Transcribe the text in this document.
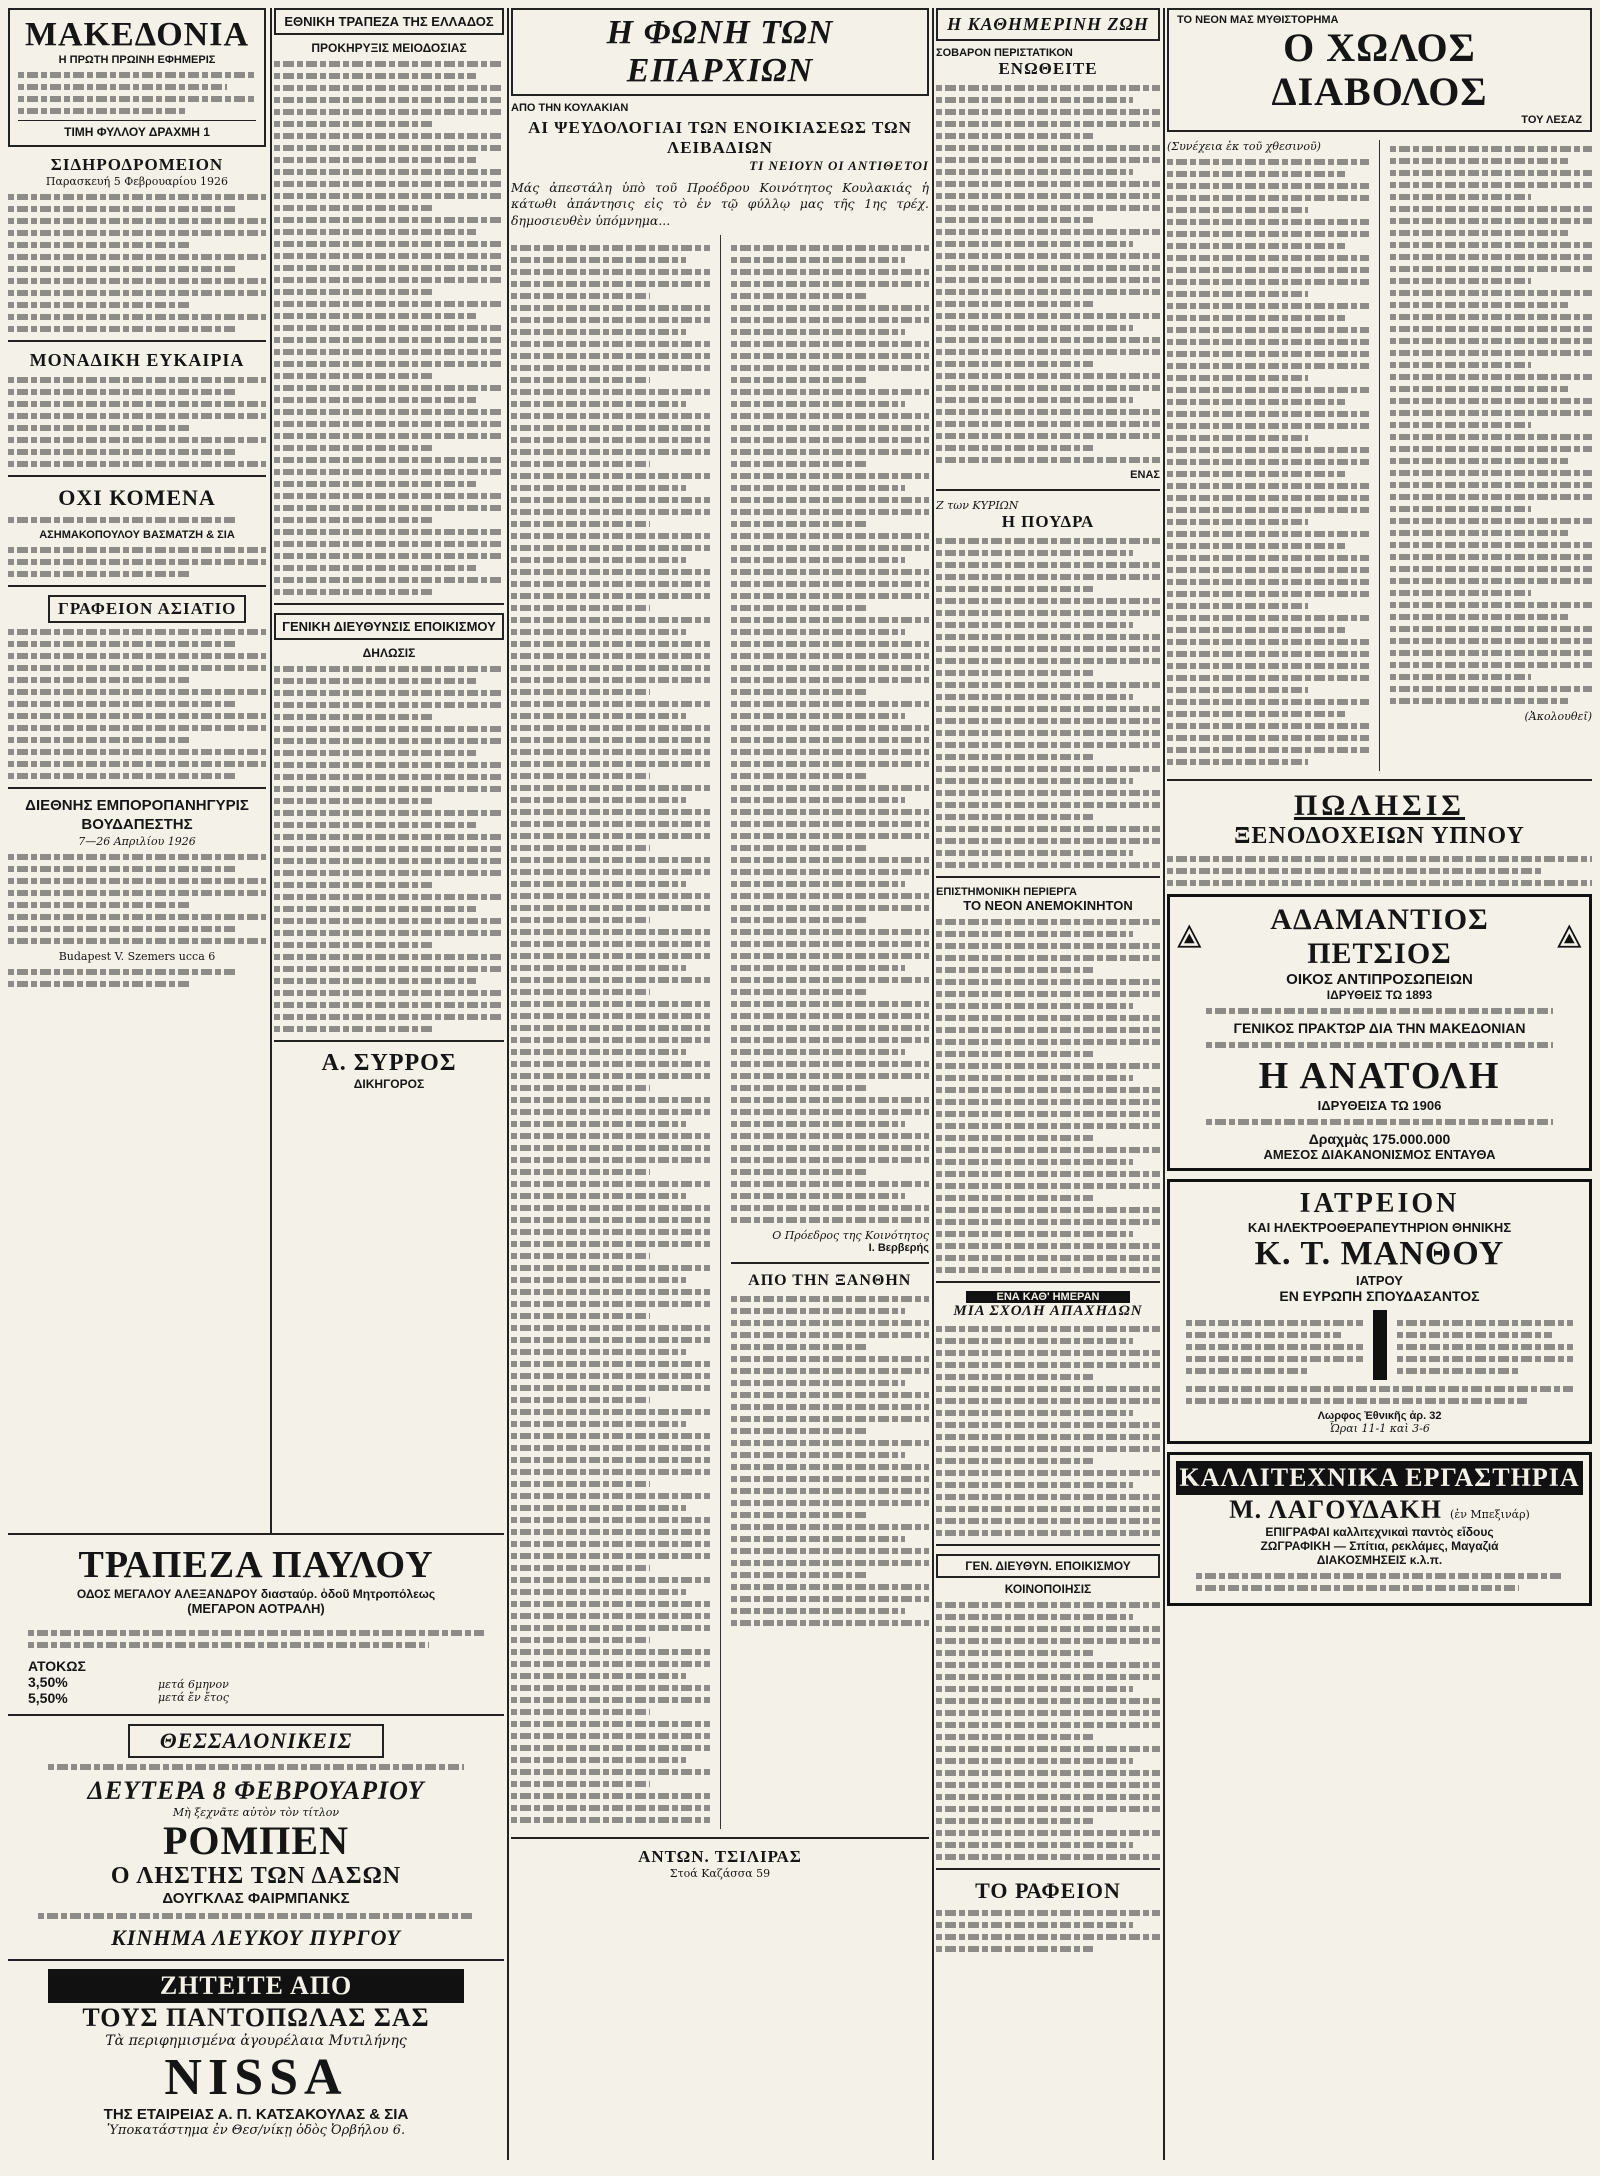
ΜΑΚΕΔΟΝΙΑ
Η ΠΡΩΤΗ ΠΡΩΙΝΗ ΕΦΗΜΕΡΙΣ
ΤΙΜΗ ΦΥΛΛΟΥ ΔΡΑΧΜΗ 1
ΣΙΔΗΡΟΔΡΟΜΕΙΟΝ
Παρασκευή 5 Φεβρουαρίου 1926
ΜΟΝΑΔΙΚΗ ΕΥΚΑΙΡΙΑ
ΟΧΙ ΚΟΜΕΝΑ
ΑΣΗΜΑΚΟΠΟΥΛΟΥ ΒΑΣΜΑΤΖΗ & ΣΙΑ
ΓΡΑΦΕΙΟΝ ΑΣΙΑΤΙΟ
ΔΙΕΘΝΗΣ ΕΜΠΟΡΟΠΑΝΗΓΥΡΙΣ ΒΟΥΔΑΠΕΣΤΗΣ
7—26 Απριλίου 1926
Budapest V. Szemers ucca 6
ΕΘΝΙΚΗ ΤΡΑΠΕΖΑ ΤΗΣ ΕΛΛΑΔΟΣ
ΠΡΟΚΗΡΥΞΙΣ ΜΕΙΟΔΟΣΙΑΣ
ΓΕΝΙΚΗ ΔΙΕΥΘΥΝΣΙΣ ΕΠΟΙΚΙΣΜΟΥ
ΔΗΛΩΣΙΣ
Α. ΣΥΡΡΟΣ
ΔΙΚΗΓΟΡΟΣ
Η ΦΩΝΗ ΤΩΝ ΕΠΑΡΧΙΩΝ
ΑΠΟ ΤΗΝ ΚΟΥΛΑΚΙΑΝ
ΑΙ ΨΕΥΔΟΛΟΓΙΑΙ ΤΩΝ ΕΝΟΙΚΙΑΣΕΩΣ ΤΩΝ ΛΕΙΒΑΔΙΩΝ
ΤΙ ΝΕΙΟΥΝ ΟΙ ΑΝΤΙΘΕΤΟΙ
Μάς ἀπεστάλη ὑπὸ τοῦ Προέδρου Κοινότητος Κουλακιάς ἡ κάτωθι ἀπάντησις εἰς τὸ ἐν τῷ φύλλῳ μας τῆς 1ης τρέχ. δημοσιευθὲν ὑπόμνημα...
Ο Πρόεδρος της Κοινότητος
Ι. Βερβερής
ΑΠΟ ΤΗΝ ΞΑΝΘΗΝ
ΑΝΤΩΝ. ΤΣΙΛΙΡΑΣ
Στοά Καζάσσα 59
ΤΡΑΠΕΖΑ ΠΑΥΛΟΥ
ΟΔΟΣ ΜΕΓΑΛΟΥ ΑΛΕΞΑΝΔΡΟΥ διασταύρ. ὁδοῦ Μητροπόλεως
(ΜΕΓΑΡΟΝ ΑΟΤΡΑΛΗ)
ΑΤΟΚΩΣ
3,50%
5,50%
μετά 6μηνον
μετά ἔν ἔτος
ΘΕΣΣΑΛΟΝΙΚΕΙΣ
ΔΕΥΤΕΡΑ 8 ΦΕΒΡΟΥΑΡΙΟΥ
Μὴ ξεχνᾶτε αὐτὸν τὸν τίτλον
ΡΟΜΠΕΝ
Ο ΛΗΣΤΗΣ ΤΩΝ ΔΑΣΩΝ
ΔΟΥΓΚΛΑΣ ΦΑΙΡΜΠΑΝΚΣ
ΚΙΝΗΜΑ ΛΕΥΚΟΥ ΠΥΡΓΟΥ
ΖΗΤΕΙΤΕ ΑΠΟ
ΤΟΥΣ ΠΑΝΤΟΠΩΛΑΣ ΣΑΣ
Τὰ περιφημισμένα ἀγουρέλαια Μυτιλήνης
NISSA
ΤΗΣ ΕΤΑΙΡΕΙΑΣ Α. Π. ΚΑΤΣΑΚΟΥΛΑΣ & ΣΙΑ
Ὑποκατάστημα ἐν Θεσ/νίκῃ ὁδὸς Ὀρβήλου 6.
Η ΚΑΘΗΜΕΡΙΝΗ ΖΩΗ
ΣΟΒΑΡΟΝ ΠΕΡΙΣΤΑΤΙΚΟΝ
ΕΝΩΘΕΙΤΕ
ΕΝΑΣ
Ζ των ΚΥΡΙΩΝ
Η ΠΟΥΔΡΑ
ΕΠΙΣΤΗΜΟΝΙΚΗ ΠΕΡΙΕΡΓΑ
ΤΟ ΝΕΟΝ ΑΝΕΜΟΚΙΝΗΤΟΝ
ΕΝΑ ΚΑΘ' ΗΜΕΡΑΝ
ΜΙΑ ΣΧΟΛΗ ΑΠΑΧΗΔΩΝ
ΓΕΝ. ΔΙΕΥΘΥΝ. ΕΠΟΙΚΙΣΜΟΥ
ΚΟΙΝΟΠΟΙΗΣΙΣ
ΤΟ ΡΑΦΕΙΟΝ
ΤΟ ΝΕΟΝ ΜΑΣ ΜΥΘΙΣΤΟΡΗΜΑ
Ο ΧΩΛΟΣ ΔΙΑΒΟΛΟΣ
ΤΟΥ ΛΕΣΑΖ
(Συνέχεια ἐκ τοῦ χθεσινοῦ)
(Ἀκολουθεῖ)
ΠΩΛΗΣΙΣ
ΞΕΝΟΔΟΧΕΙΩΝ ΥΠΝΟΥ
ΑΔΑΜΑΝΤΙΟΣ ΠΕΤΣΙΟΣ
ΟΙΚΟΣ ΑΝΤΙΠΡΟΣΩΠΕΙΩΝ
ΙΔΡΥΘΕΙΣ ΤΩ 1893
ΓΕΝΙΚΟΣ ΠΡΑΚΤΩΡ ΔΙΑ ΤΗΝ ΜΑΚΕΔΟΝΙΑΝ
Η ΑΝΑΤΟΛΗ
ΙΔΡΥΘΕΙΣΑ ΤΩ 1906
Δραχμὰς 175.000.000
ΑΜΕΣΟΣ ΔΙΑΚΑΝΟΝΙΣΜΟΣ ΕΝΤΑΥΘΑ
ΙΑΤΡΕΙΟΝ
ΚΑΙ ΗΛΕΚΤΡΟΘΕΡΑΠΕΥΤΗΡΙΟΝ ΘΗΝΙΚΗΣ
Κ. Τ. ΜΑΝΘΟΥ
ΙΑΤΡΟΥ
ΕΝ ΕΥΡΩΠΗ ΣΠΟΥΔΑΣΑΝΤΟΣ
Λωρφος Ἐθνικῆς ἀρ. 32
Ὧραι 11-1 καὶ 3-6
ΚΑΛΛΙΤΕΧΝΙΚΑ ΕΡΓΑΣΤΗΡΙΑ
Μ. ΛΑΓΟΥΔΑΚΗ (ἐν Μπεξινάρ)
ΕΠΙΓΡΑΦΑΙ καλλιτεχνικαὶ παντὸς εἴδους
ΖΩΓΡΑΦΙΚΗ — Σπίτια, ρεκλάμες, Μαγαζιά
ΔΙΑΚΟΣΜΗΣΕΙΣ κ.λ.π.
